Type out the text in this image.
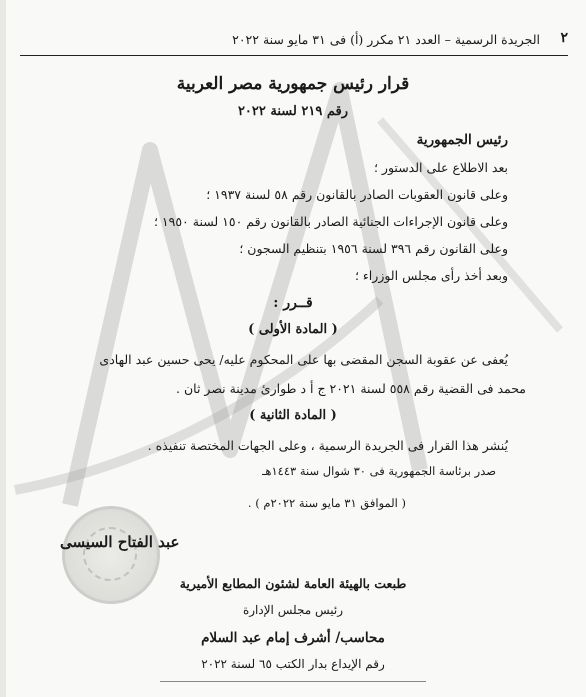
٢
الجريدة الرسمية – العدد ٢١ مكرر (أ) فى ٣١ مايو سنة ٢٠٢٢
قرار رئيس جمهورية مصر العربية
رقم ٢١٩ لسنة ٢٠٢٢
رئيس الجمهورية
بعد الاطلاع على الدستور ؛
وعلى قانون العقوبات الصادر بالقانون رقم ٥٨ لسنة ١٩٣٧ ؛
وعلى قانون الإجراءات الجنائية الصادر بالقانون رقم ١٥٠ لسنة ١٩٥٠ ؛
وعلى القانون رقم ٣٩٦ لسنة ١٩٥٦ بتنظيم السجون ؛
وبعد أخذ رأى مجلس الوزراء ؛
قــرر :
( المادة الأولى )
يُعفى عن عقوبة السجن المقضى بها على المحكوم عليه/ يحى حسين عبد الهادى
محمد فى القضية رقم ٥٥٨ لسنة ٢٠٢١ ج أ د طوارئ مدينة نصر ثان .
( المادة الثانية )
يُنشر هذا القرار فى الجريدة الرسمية ، وعلى الجهات المختصة تنفيذه .
صدر برئاسة الجمهورية فى ٣٠ شوال سنة ١٤٤٣هـ
( الموافق ٣١ مايو سنة ٢٠٢٢م ) .
عبد الفتاح السيسى
طبعت بالهيئة العامة لشئون المطابع الأميرية
رئيس مجلس الإدارة
محاسب/ أشرف إمام عبد السلام
رقم الإيداع بدار الكتب ٦٥ لسنة ٢٠٢٢
